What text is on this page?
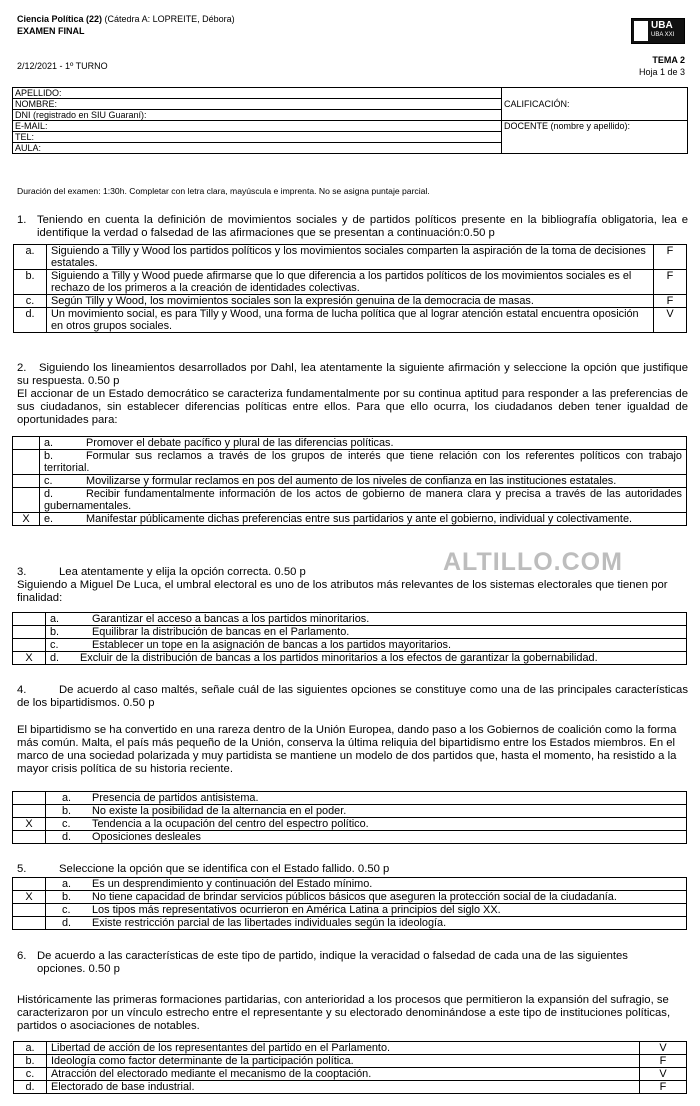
Ciencia Política (22) (Cátedra A: LOPREITE, Débora)
EXAMEN FINAL
2/12/2021 - 1º TURNO
UBA
UBA XXI
TEMA 2
Hoja 1 de 3
APELLIDO:	CALIFICACIÓN:
NOMBRE:	
DNI (registrado en SIU Guaraní):	
E-MAIL:	DOCENTE (nombre y apellido):
TEL:	
AULA:	
Duración del examen: 1:30h. Completar con letra clara, mayúscula e imprenta. No se asigna puntaje parcial.

1. Teniendo en cuenta la definición de movimientos sociales y de partidos políticos presente en la bibliografía obligatoria, lea e identifique la verdad o falsedad de las afirmaciones que se presentan a continuación:0.50 p

a.	Siguiendo a Tilly y Wood los partidos políticos y los movimientos sociales comparten la aspiración de la toma de decisiones estatales.	F
b.	Siguiendo a Tilly y Wood puede afirmarse que lo que diferencia a los partidos políticos de los movimientos sociales es el rechazo de los primeros a la creación de identidades colectivas.	F
c.	Según Tilly y Wood, los movimientos sociales son la expresión genuina de la democracia de masas.	F
d.	Un movimiento social, es para Tilly y Wood, una forma de lucha política que al lograr atención estatal encuentra oposición en otros grupos sociales.	V

2. Siguiendo los lineamientos desarrollados por Dahl, lea atentamente la siguiente afirmación y seleccione la opción que justifique su respuesta. 0.50 p

El accionar de un Estado democrático se caracteriza fundamentalmente por su continua aptitud para responder a las preferencias de sus ciudadanos, sin establecer diferencias políticas entre ellos. Para que ello ocurra, los ciudadanos deben tener igualdad de oportunidades para:

	a. Promover el debate pacífico y plural de las diferencias políticas.
	b. Formular sus reclamos a través de los grupos de interés que tiene relación con los referentes políticos con trabajo territorial.
	c. Movilizarse y formular reclamos en pos del aumento de los niveles de confianza en las instituciones estatales.
	d. Recibir fundamentalmente información de los actos de gobierno de manera clara y precisa a través de las autoridades gubernamentales.
X	e. Manifestar públicamente dichas preferencias entre sus partidarios y ante el gobierno, individual y colectivamente.
ALTILLO.COM

3.	Lea atentamente y elija la opción correcta. 0.50 p

Siguiendo a Miguel De Luca, el umbral electoral es uno de los atributos más relevantes de los sistemas electorales que tienen por finalidad:

	a. Garantizar el acceso a bancas a los partidos minoritarios.
	b. Equilibrar la distribución de bancas en el Parlamento.
	c. Establecer un tope en la asignación de bancas a los partidos mayoritarios.
X	d. Excluir de la distribución de bancas a los partidos minoritarios a los efectos de garantizar la gobernabilidad.

4.	De acuerdo al caso maltés, señale cuál de las siguientes opciones se constituye como una de las principales características de los bipartidismos. 0.50 p

El bipartidismo se ha convertido en una rareza dentro de la Unión Europea, dando paso a los Gobiernos de coalición como la forma más común. Malta, el país más pequeño de la Unión, conserva la última reliquia del bipartidismo entre los Estados miembros. En el marco de una sociedad polarizada y muy partidista se mantiene un modelo de dos partidos que, hasta el momento, ha resistido a la mayor crisis política de su historia reciente.

	a. Presencia de partidos antisistema.
	b. No existe la posibilidad de la alternancia en el poder.
X	c. Tendencia a la ocupación del centro del espectro político.
	d. Oposiciones desleales

5.	Seleccione la opción que se identifica con el Estado fallido. 0.50 p

	a. Es un desprendimiento y continuación del Estado mínimo.
X	b. No tiene capacidad de brindar servicios públicos básicos que aseguren la protección social de la ciudadanía.
	c. Los tipos más representativos ocurrieron en América Latina a principios del siglo XX.
	d. Existe restricción parcial de las libertades individuales según la ideología.

6. De acuerdo a las características de este tipo de partido, indique la veracidad o falsedad de cada una de las siguientes opciones. 0.50 p

Históricamente las primeras formaciones partidarias, con anterioridad a los procesos que permitieron la expansión del sufragio, se caracterizaron por un vínculo estrecho entre el representante y su electorado denominándose a este tipo de instituciones políticas, partidos o asociaciones de notables.

a.	Libertad de acción de los representantes del partido en el Parlamento.	V
b.	Ideología como factor determinante de la participación política.	F
c.	Atracción del electorado mediante el mecanismo de la cooptación.	V
d.	Electorado de base industrial.	F
